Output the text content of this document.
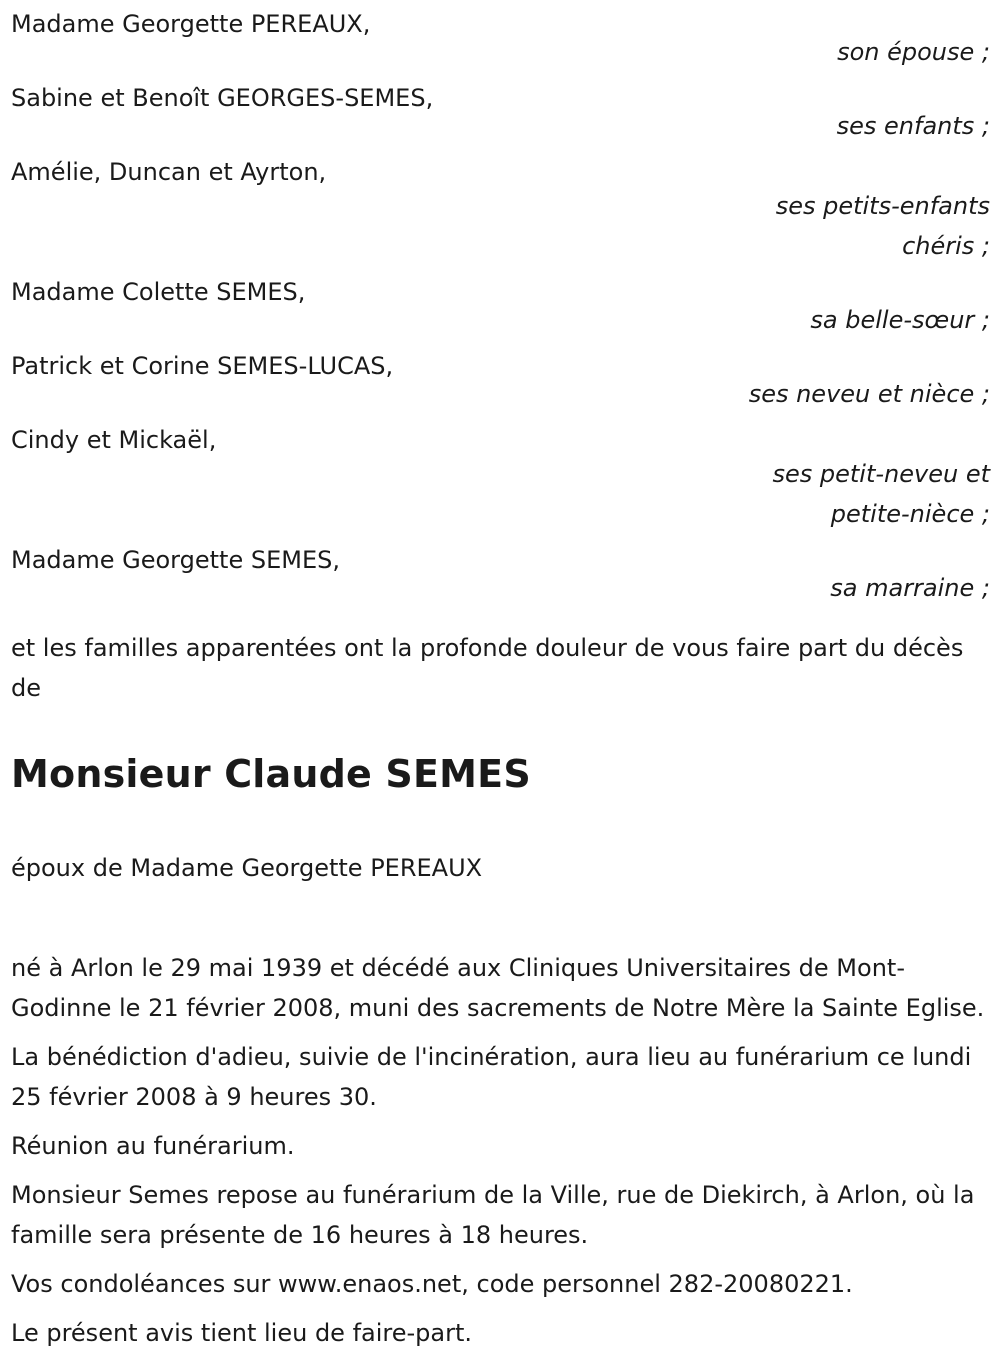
Madame Georgette PEREAUX,
son épouse ;
Sabine et Benoît GEORGES-SEMES,
ses enfants ;
Amélie, Duncan et Ayrton,
ses petits-enfants chéris ;
Madame Colette SEMES,
sa belle-sœur ;
Patrick et Corine SEMES-LUCAS,
ses neveu et nièce ;
Cindy et Mickaël,
ses petit-neveu et petite-nièce ;
Madame Georgette SEMES,
sa marraine ;
et les familles apparentées ont la profonde douleur de vous faire part du décès de
Monsieur Claude SEMES
époux de Madame Georgette PEREAUX
né à Arlon le 29 mai 1939 et décédé aux Cliniques Universitaires de Mont-Godinne le 21 février 2008, muni des sacrements de Notre Mère la Sainte Eglise.
La bénédiction d'adieu, suivie de l'incinération, aura lieu au funérarium ce lundi 25 février 2008 à 9 heures 30.
Réunion au funérarium.
Monsieur Semes repose au funérarium de la Ville, rue de Diekirch, à Arlon, où la famille sera présente de 16 heures à 18 heures.
Vos condoléances sur www.enaos.net, code personnel 282-20080221.
Le présent avis tient lieu de faire-part.
